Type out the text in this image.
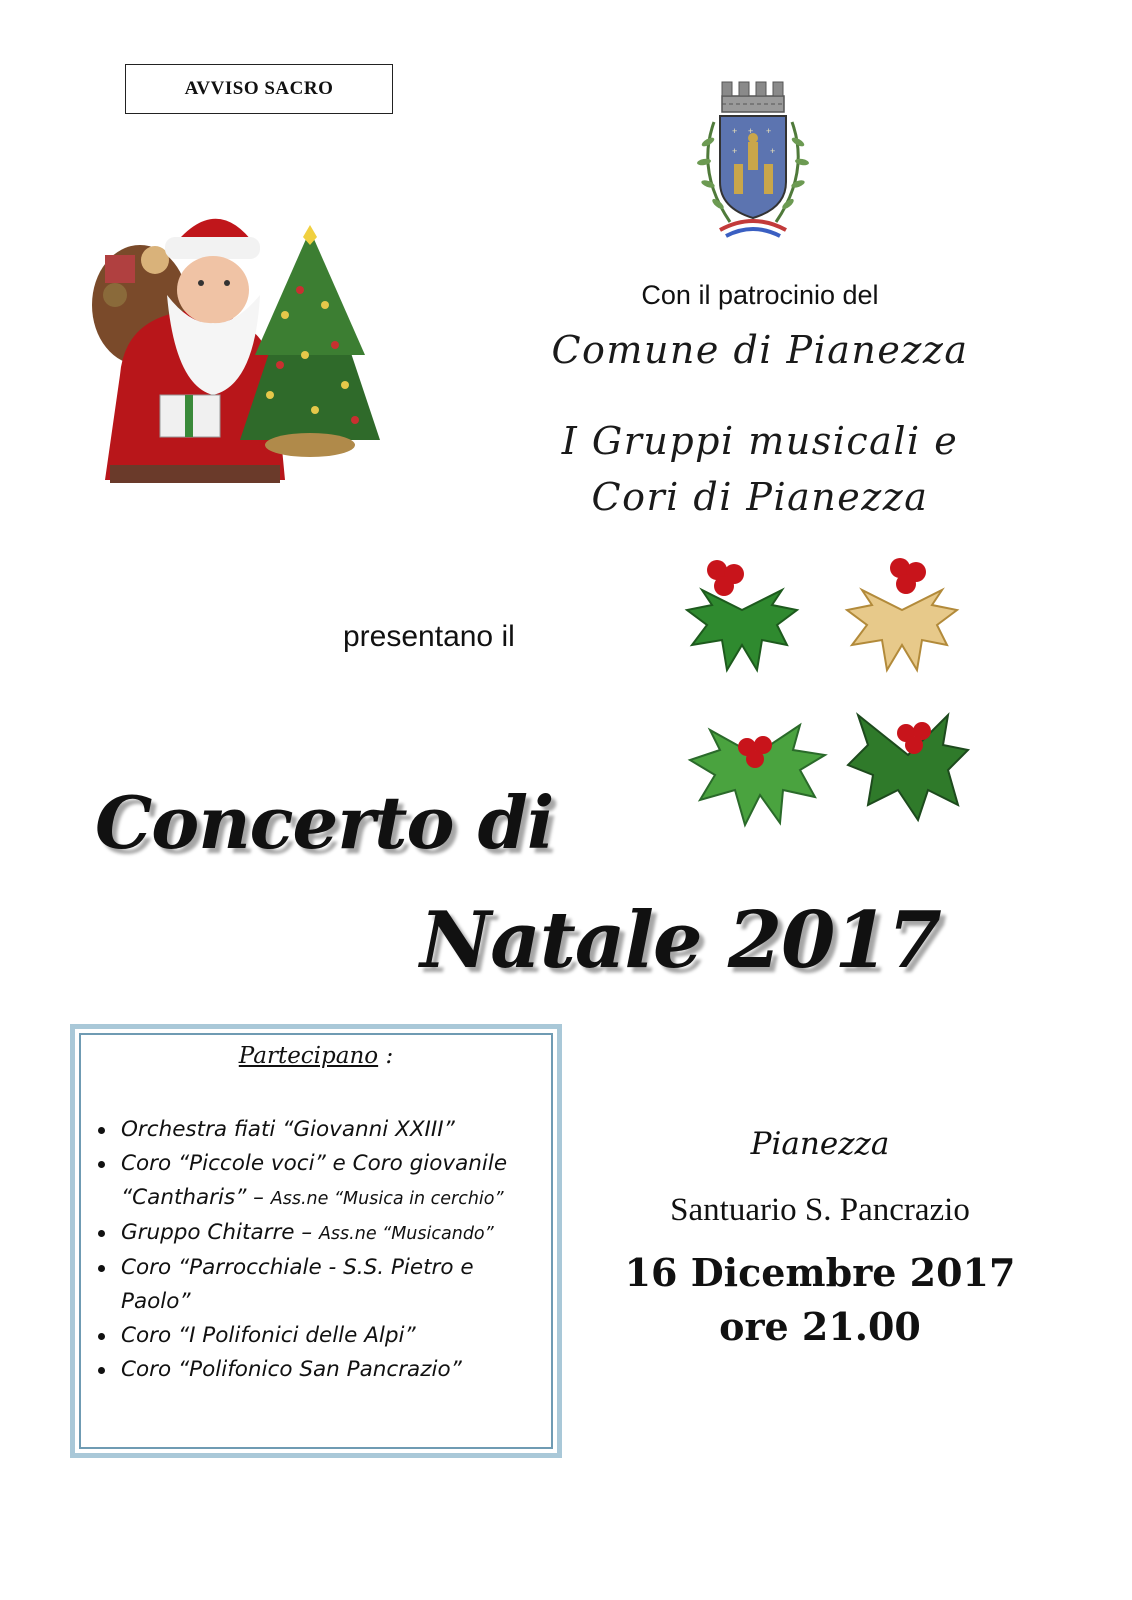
AVVISO SACRO
+ + +
+	+
Con il patrocinio del
Comune di Pianezza
I Gruppi musicali e
Cori di Pianezza
presentano il
Concerto di
Natale 2017
Partecipano :
Orchestra fiati “Giovanni XXIII”
Coro “Piccole voci” e Coro giovanile “Cantharis” – Ass.ne “Musica in cerchio”
Gruppo Chitarre – Ass.ne “Musicando”
Coro “Parrocchiale - S.S. Pietro e Paolo”
Coro “I Polifonici delle Alpi”
Coro “Polifonico San Pancrazio”
Pianezza
Santuario S. Pancrazio
16 Dicembre 2017
ore 21.00
